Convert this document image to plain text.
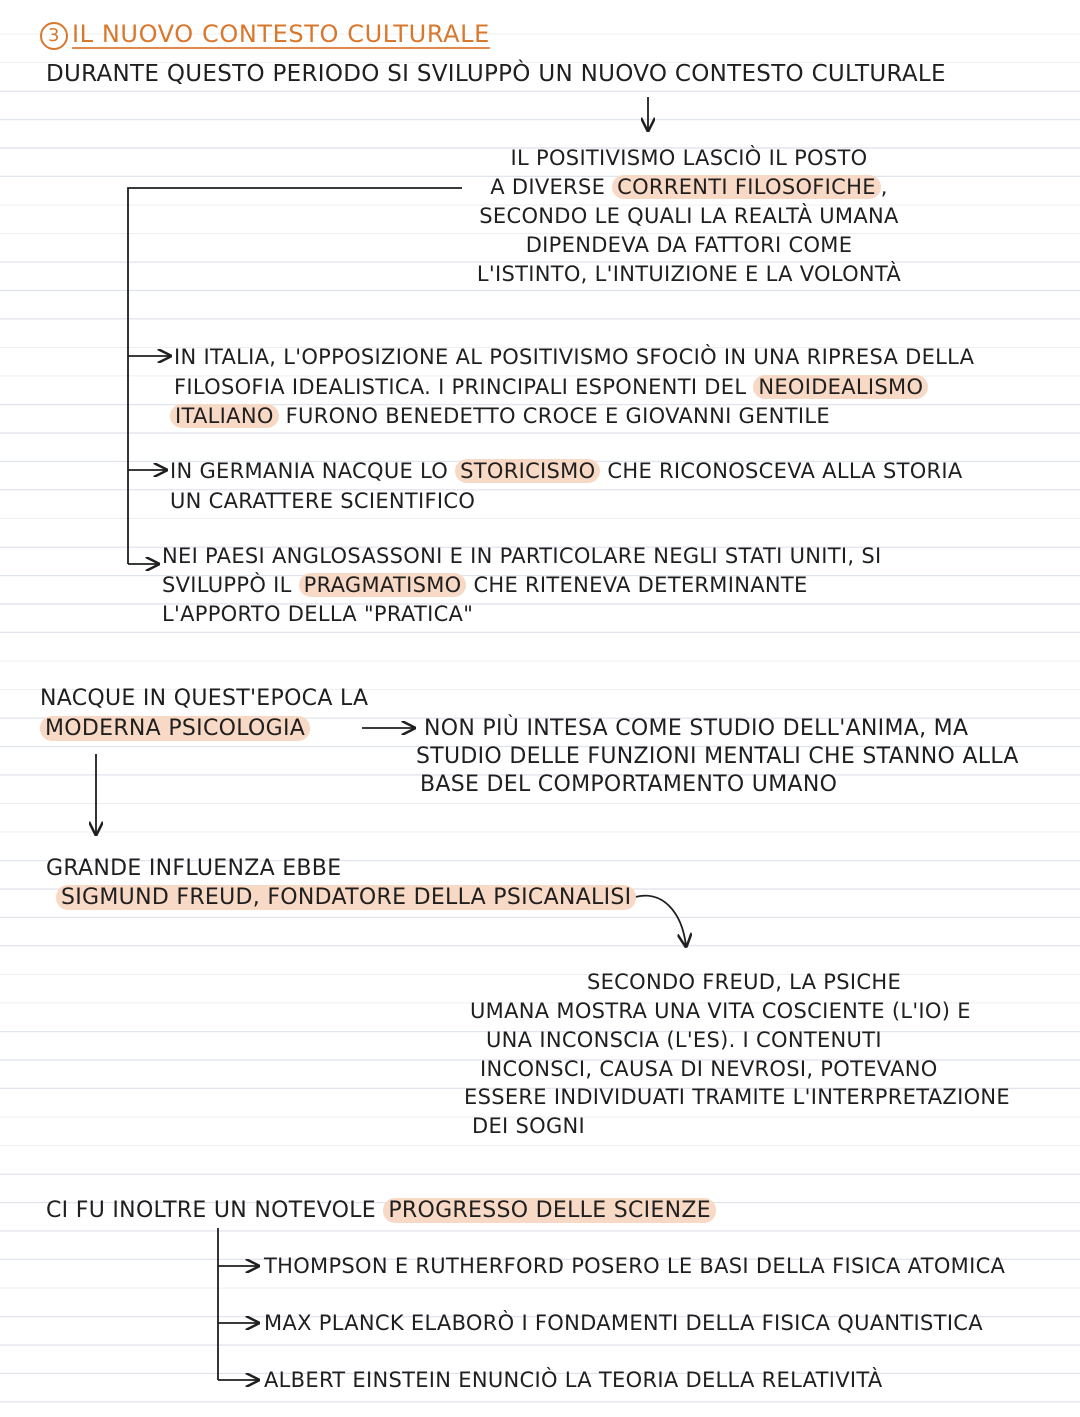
3 IL NUOVO CONTESTO CULTURALE
DURANTE QUESTO PERIODO SI SVILUPPÒ UN NUOVO CONTESTO CULTURALE
IL POSITIVISMO LASCIÒ IL POSTO
A DIVERSE CORRENTI FILOSOFICHE ,
SECONDO LE QUALI LA REALTÀ UMANA
DIPENDEVA DA FATTORI COME
L'ISTINTO, L'INTUIZIONE E LA VOLONTÀ
IN ITALIA, L'OPPOSIZIONE AL POSITIVISMO SFOCIÒ IN UNA RIPRESA DELLA
FILOSOFIA IDEALISTICA. I PRINCIPALI ESPONENTI DEL NEOIDEALISMO
ITALIANO FURONO BENEDETTO CROCE E GIOVANNI GENTILE
IN GERMANIA NACQUE LO STORICISMO CHE RICONOSCEVA ALLA STORIA
UN CARATTERE SCIENTIFICO
NEI PAESI ANGLOSASSONI E IN PARTICOLARE NEGLI STATI UNITI, SI
SVILUPPÒ IL PRAGMATISMO CHE RITENEVA DETERMINANTE
L'APPORTO DELLA "PRATICA"
NACQUE IN QUEST'EPOCA LA
MODERNA PSICOLOGIA	NON PIÙ INTESA COME STUDIO DELL'ANIMA, MA
STUDIO DELLE FUNZIONI MENTALI CHE STANNO ALLA
BASE DEL COMPORTAMENTO UMANO
GRANDE INFLUENZA EBBE
SIGMUND FREUD, FONDATORE DELLA PSICANALISI
SECONDO FREUD, LA PSICHE
UMANA MOSTRA UNA VITA COSCIENTE (L'IO) E
UNA INCONSCIA (L'ES). I CONTENUTI
INCONSCI, CAUSA DI NEVROSI, POTEVANO
ESSERE INDIVIDUATI TRAMITE L'INTERPRETAZIONE
DEI SOGNI
CI FU INOLTRE UN NOTEVOLE PROGRESSO DELLE SCIENZE
THOMPSON E RUTHERFORD POSERO LE BASI DELLA FISICA ATOMICA
MAX PLANCK ELABORÒ I FONDAMENTI DELLA FISICA QUANTISTICA
ALBERT EINSTEIN ENUNCIÒ LA TEORIA DELLA RELATIVITÀ
